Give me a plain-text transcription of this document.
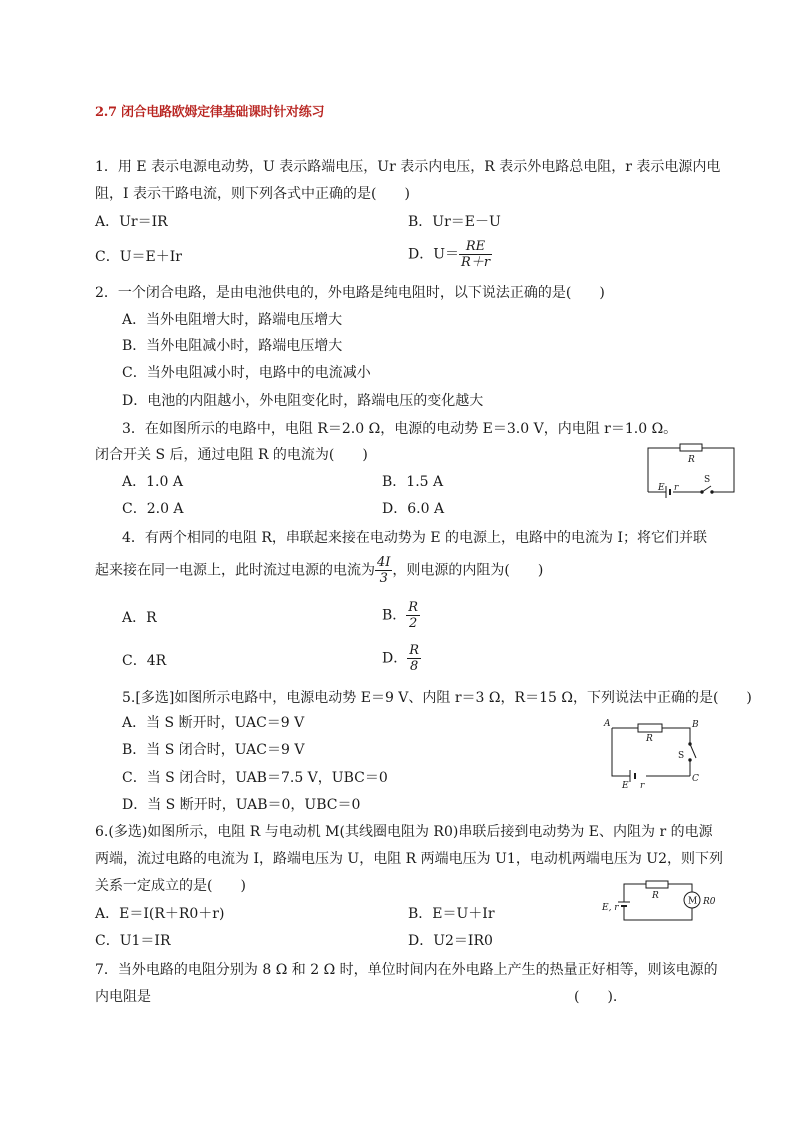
2.7 闭合电路欧姆定律基础课时针对练习
1．用 E 表示电源电动势，U 表示路端电压，Ur 表示内电压，R 表示外电路总电阻，r 表示电源内电
阻，I 表示干路电流，则下列各式中正确的是(　　)
A．Ur＝IR	B．Ur＝E－U
C．U＝E＋Ir	D．$U= \frac{RE}{R+r}$
2．一个闭合电路，是由电池供电的，外电路是纯电阻时，以下说法正确的是(　　)
A．当外电阻增大时，路端电压增大
B．当外电阻减小时，路端电压增大
C．当外电阻减小时，电路中的电流减小
D．电池的内阻越小，外电阻变化时，路端电压的变化越大
3．在如图所示的电路中，电阻 R＝2.0 Ω，电源的电动势 E＝3.0 V，内电阻 r＝1.0 Ω。
闭合开关 S 后，通过电阻 R 的电流为(　　)
A．1.0 A	B．1.5 A
C．2.0 A	D．6.0 A
R
E r
S
4．有两个相同的电阻 R，串联起来接在电动势为 E 的电源上，电路中的电流为 I；将它们并联
起来接在同一电源上，此时流过电源的电流为 $\frac{4I}{3}$ ，则电源的内阻为(　　)
A．R	B． $\frac{R}{2}$
C．4R	D． $\frac{R}{8}$
5.[多选]如图所示电路中，电源电动势 E＝9 V、内阻 r＝3 Ω，R＝15 Ω，下列说法中正确的是(　　)
A．当 S 断开时，UAC＝9 V
B．当 S 闭合时，UAC＝9 V
C．当 S 闭合时，UAB＝7.5 V，UBC＝0
D．当 S 断开时，UAB＝0，UBC＝0
A	B
C
R
S
E r
6.(多选)如图所示，电阻 R 与电动机 M(其线圈电阻为 R0)串联后接到电动势为 E、内阻为 r 的电源
两端，流过电路的电流为 I，路端电压为 U，电阻 R 两端电压为 U1，电动机两端电压为 U2，则下列
关系一定成立的是(　　)
A．E＝I(R＋R0＋r)	B．E＝U＋Ir
C．U1＝IR	D．U2＝IR0
R
M R0
E, r
7．当外电路的电阻分别为 8 Ω 和 2 Ω 时，单位时间内在外电路上产生的热量正好相等，则该电源的
内电阻是	(　　).
